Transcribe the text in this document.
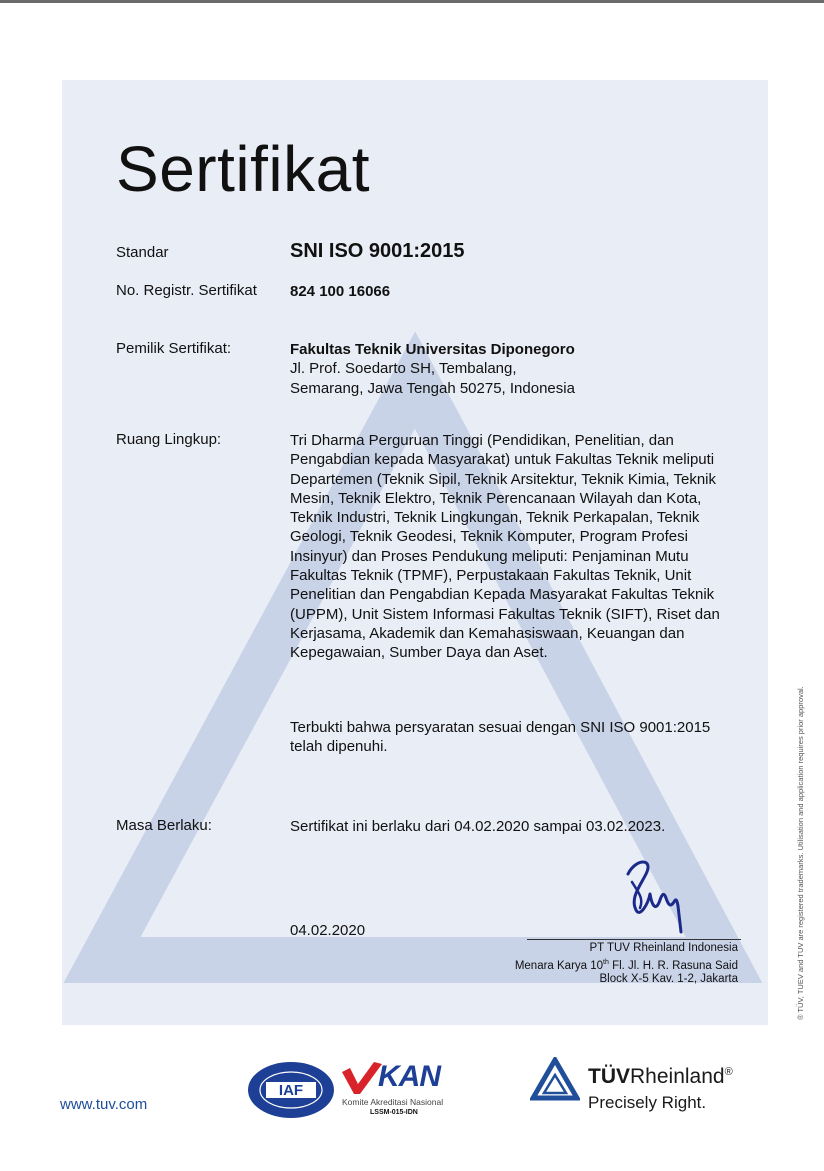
Sertifikat
Standar	SNI ISO 9001:2015
No. Registr. Sertifikat 824 100 16066
Pemilik Sertifikat:	Fakultas Teknik Universitas Diponegoro
Jl. Prof. Soedarto SH, Tembalang,
Semarang, Jawa Tengah 50275, Indonesia
Ruang Lingkup:	Tri Dharma Perguruan Tinggi (Pendidikan, Penelitian, dan
Pengabdian kepada Masyarakat) untuk Fakultas Teknik meliputi
Departemen (Teknik Sipil, Teknik Arsitektur, Teknik Kimia, Teknik
Mesin, Teknik Elektro, Teknik Perencanaan Wilayah dan Kota,
Teknik Industri, Teknik Lingkungan, Teknik Perkapalan, Teknik
Geologi, Teknik Geodesi, Teknik Komputer, Program Profesi
Insinyur) dan Proses Pendukung meliputi: Penjaminan Mutu
Fakultas Teknik (TPMF), Perpustakaan Fakultas Teknik, Unit
Penelitian dan Pengabdian Kepada Masyarakat Fakultas Teknik
(UPPM), Unit Sistem Informasi Fakultas Teknik (SIFT), Riset dan
Kerjasama, Akademik dan Kemahasiswaan, Keuangan dan
Kepegawaian, Sumber Daya dan Aset.
Terbukti bahwa persyaratan sesuai dengan SNI ISO 9001:2015
telah dipenuhi.
Masa Berlaku:	Sertifikat ini berlaku dari 04.02.2020 sampai 03.02.2023.
04.02.2020
PT TUV Rheinland Indonesia
Menara Karya 10th Fl. Jl. H. R. Rasuna Said
Block X-5 Kav. 1-2, Jakarta	® TÜV, TUEV and TUV are registered trademarks. Utilisation and application requires prior approval.
www.tuv.com
IAF KAN
Komite Akreditasi Nasional
LSSM-015-IDN
TÜVRheinland®
Precisely Right.
